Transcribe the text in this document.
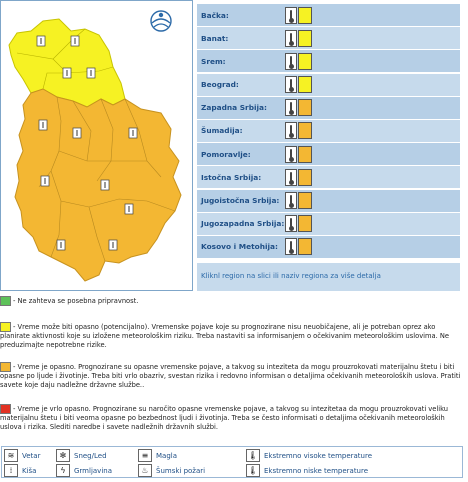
Bačka:
Banat:
Srem:
Beograd:
Zapadna Srbija:
Šumadija:
Pomoravlje:
Istočna Srbija:
Jugoistočna Srbija:
Jugozapadna Srbija:
Kosovo i Metohija:
Kliknl region na slici ili naziv regiona za više detalja
- Ne zahteva se posebna pripravnost.
- Vreme može biti opasno (potencijalno). Vremenske pojave koje su prognozirane nisu neuobičajene, ali je potreban oprez ako planirate aktivnosti koje su izložene meteorološkim riziku. Treba nastaviti sa informisanjem o očekivanim meteorološkim uslovima. Ne preduzimajte nepotrebne rizike.
- Vreme je opasno. Prognozirane su opasne vremenske pojave, a takvog su inteziteta da mogu prouzrokovati materijalnu štetu i biti opasne po ljude i životinje. Treba biti vrlo obazriv, svestan rizika i redovno informisan o detaljima očekivanih meteoroloških uslova. Pratiti savete koje daju nadležne državne službe..
- Vreme je vrlo opasno. Prognozirane su naročito opasne vremenske pojave, a takvog su intezitetaa da mogu prouzrokovati veliku materijalnu štetu i biti veoma opasne po bezbednost ljudi i životinja. Treba se često informisati o detaljima očekivanih meteoroloških uslova i rizika. Slediti naredbe i savete nadležnih državnih službi.
≋	Vetar
⁞	Kiša
✻	Sneg/Led
ϟ	Grmljavina
≡	Magla
♨	Šumski požari
🌡 Ekstremno visoke temperature
🌡 Ekstremno niske temperature
